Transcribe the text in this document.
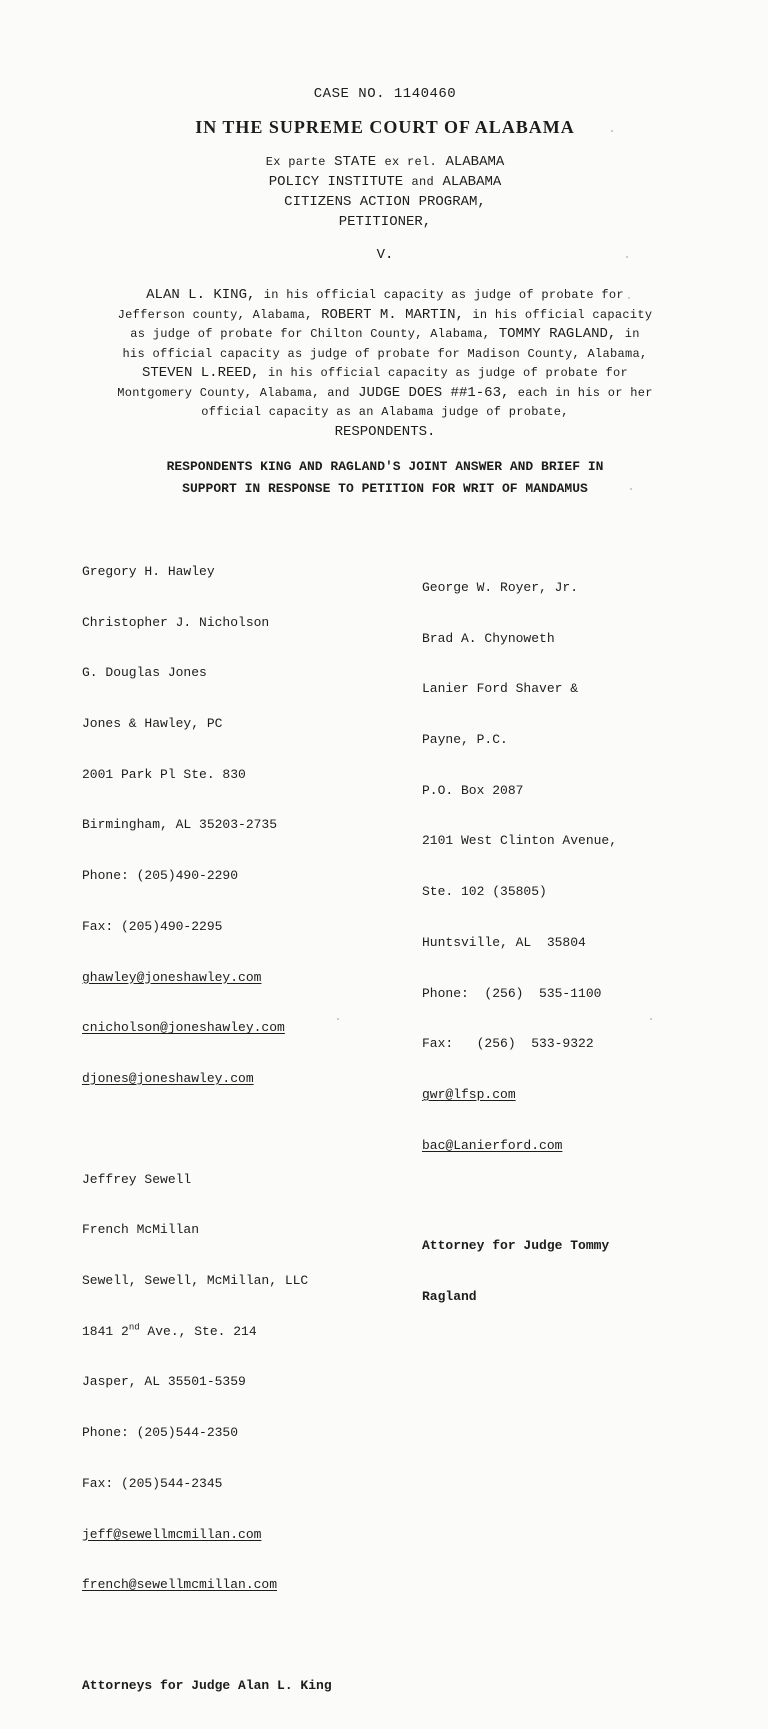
CASE NO. 1140460
IN THE SUPREME COURT OF ALABAMA
Ex parte STATE ex rel. ALABAMA
POLICY INSTITUTE and ALABAMA
CITIZENS ACTION PROGRAM,
PETITIONER,
V.
ALAN L. KING, in his official capacity as judge of probate for
Jefferson county, Alabama, ROBERT M. MARTIN, in his official capacity
as judge of probate for Chilton County, Alabama, TOMMY RAGLAND, in
his official capacity as judge of probate for Madison County, Alabama,
STEVEN L.REED, in his official capacity as judge of probate for
Montgomery County, Alabama, and JUDGE DOES ##1-63, each in his or her
official capacity as an Alabama judge of probate,
RESPONDENTS.
RESPONDENTS KING AND RAGLAND'S JOINT ANSWER AND BRIEF IN
SUPPORT IN RESPONSE TO PETITION FOR WRIT OF MANDAMUS

Gregory H. Hawley

Christopher J. Nicholson

G. Douglas Jones

Jones & Hawley, PC

2001 Park Pl Ste. 830

Birmingham, AL 35203-2735

Phone: (205)490-2290

Fax: (205)490-2295

ghawley@joneshawley.com

cnicholson@joneshawley.com

djones@joneshawley.com

Jeffrey Sewell

French McMillan

Sewell, Sewell, McMillan, LLC

1841 2nd Ave., Ste. 214

Jasper, AL 35501-5359

Phone: (205)544-2350

Fax: (205)544-2345

jeff@sewellmcmillan.com

french@sewellmcmillan.com

Attorneys for Judge Alan L. King

George W. Royer, Jr.

Brad A. Chynoweth

Lanier Ford Shaver &

Payne, P.C.

P.O. Box 2087

2101 West Clinton Avenue,

Ste. 102 (35805)

Huntsville, AL  35804

Phone:  (256)  535-1100

Fax:   (256)  533-9322

gwr@lfsp.com

bac@Lanierford.com

Attorney for Judge Tommy

Ragland
